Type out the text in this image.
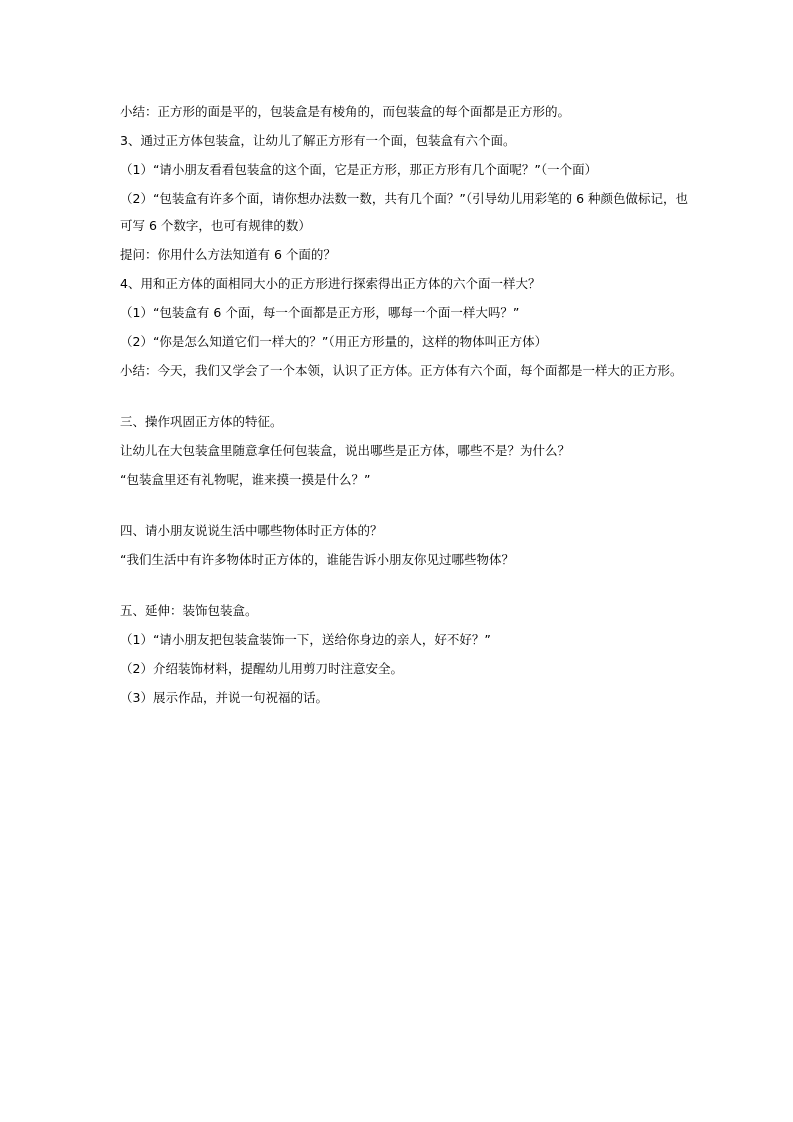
小结：正方形的面是平的，包装盒是有棱角的，而包装盒的每个面都是正方形的。
3、通过正方体包装盒，让幼儿了解正方形有一个面，包装盒有六个面。
（1）“请小朋友看看包装盒的这个面，它是正方形，那正方形有几个面呢？”（一个面）
（2）“包装盒有许多个面，请你想办法数一数，共有几个面？”（引导幼儿用彩笔的 6 种颜色做标记，也
可写 6 个数字，也可有规律的数）
提问：你用什么方法知道有 6 个面的？
4、用和正方体的面相同大小的正方形进行探索得出正方体的六个面一样大？
（1）“包装盒有 6 个面，每一个面都是正方形，哪每一个面一样大吗？”
（2）“你是怎么知道它们一样大的？”（用正方形量的，这样的物体叫正方体）
小结：今天，我们又学会了一个本领，认识了正方体。正方体有六个面，每个面都是一样大的正方形。
三、操作巩固正方体的特征。
让幼儿在大包装盒里随意拿任何包装盒，说出哪些是正方体，哪些不是？为什么？
“包装盒里还有礼物呢，谁来摸一摸是什么？”
四、请小朋友说说生活中哪些物体时正方体的？
“我们生活中有许多物体时正方体的，谁能告诉小朋友你见过哪些物体？
五、延伸：装饰包装盒。
（1）“请小朋友把包装盒装饰一下，送给你身边的亲人，好不好？”
（2）介绍装饰材料，提醒幼儿用剪刀时注意安全。
（3）展示作品，并说一句祝福的话。
